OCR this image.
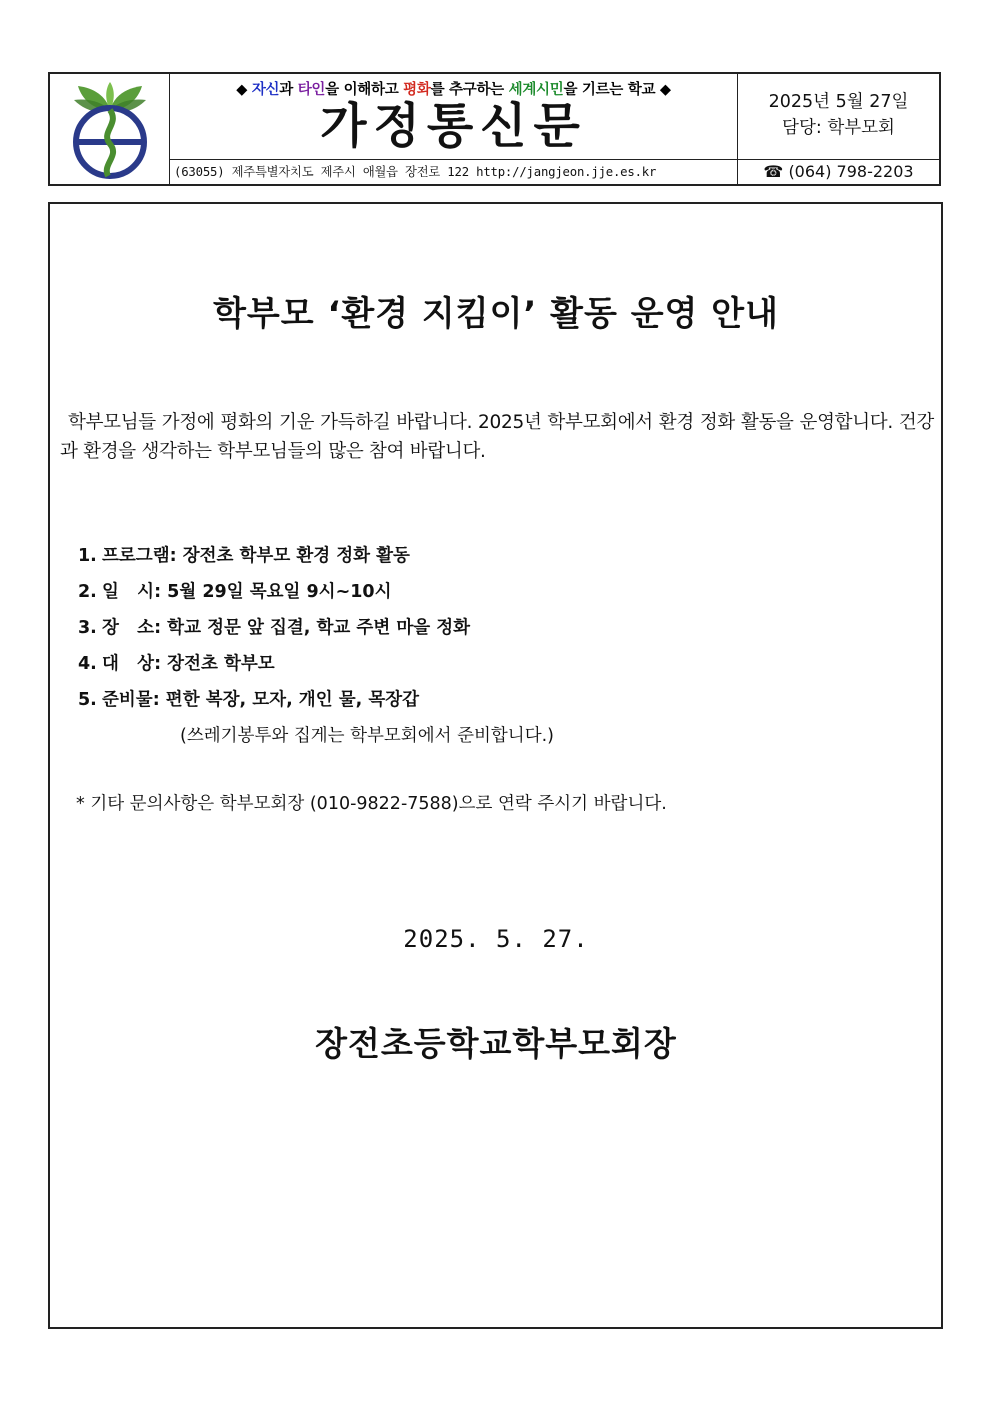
◆ 자신과 타인을 이해하고 평화를 추구하는 세계시민을 기르는 학교 ◆
가정통신문
(63055) 제주특별자치도 제주시 애월읍 장전로 122 http://jangjeon.jje.es.kr
2025년 5월 27일
담당: 학부모회
☎ (064) 798-2203
학부모 ‘환경 지킴이’ 활동 운영 안내
학부모님들 가정에 평화의 기운 가득하길 바랍니다. 2025년 학부모회에서 환경 정화 활동을 운영합니다. 건강과 환경을 생각하는 학부모님들의 많은 참여 바랍니다.
1. 프로그램: 장전초 학부모 환경 정화 활동
2. 일   시: 5월 29일 목요일 9시~10시
3. 장   소: 학교 정문 앞 집결, 학교 주변 마을 정화
4. 대   상: 장전초 학부모
5. 준비물: 편한 복장, 모자, 개인 물, 목장갑
(쓰레기봉투와 집게는 학부모회에서 준비합니다.)
* 기타 문의사항은 학부모회장 (010-9822-7588)으로 연락 주시기 바랍니다.
2025. 5. 27.
장전초등학교학부모회장
